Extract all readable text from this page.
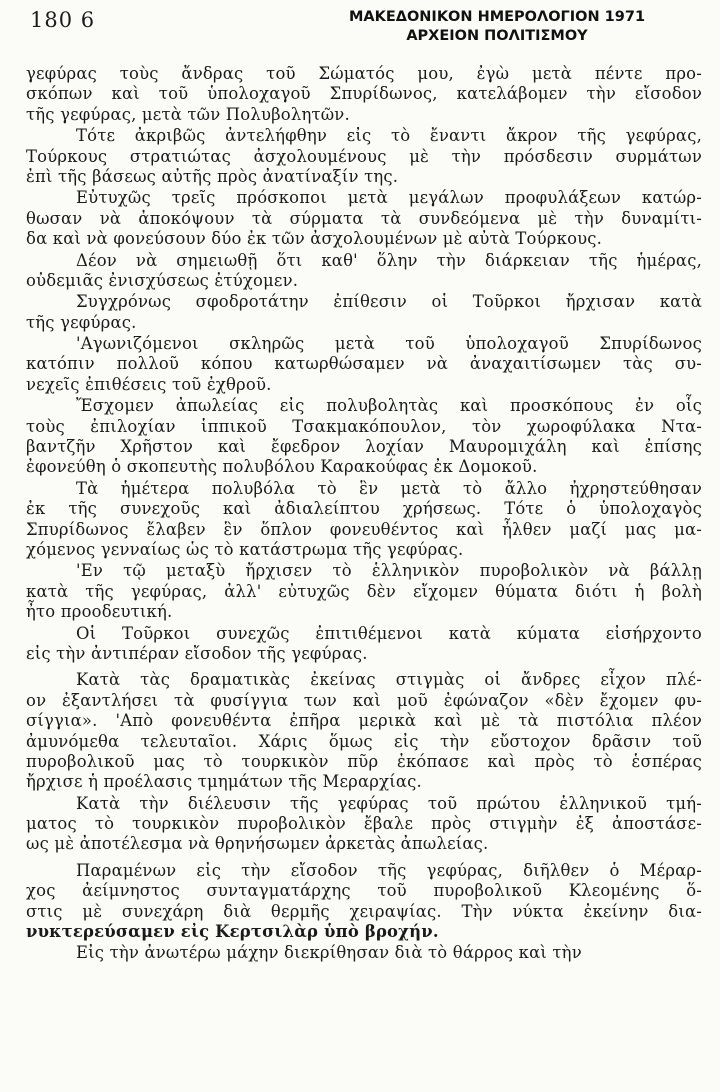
180 6	ΜΑΚΕΔΟΝΙΚΟΝ ΗΜΕΡΟΛΟΓΙΟΝ 1971
ΑΡΧΕΙΟΝ ΠΟΛΙΤΙΣΜΟΥ
γεφύρας τοὺς ἄνδρας τοῦ Σώματός μου, ἐγὼ μετὰ πέντε προ-
σκόπων καὶ τοῦ ὑπολοχαγοῦ Σπυρίδωνος, κατελάβομεν τὴν εἴσοδον
τῆς γεφύρας, μετὰ τῶν Πολυβολητῶν.
Τότε ἀκριβῶς ἀντελήφθην εἰς τὸ ἔναντι ἄκρον τῆς γεφύρας,
Τούρκους στρατιώτας ἀσχολουμένους μὲ τὴν πρόσδεσιν συρμάτων
ἐπὶ τῆς βάσεως αὐτῆς πρὸς ἀνατίναξίν της.
Εὐτυχῶς τρεῖς πρόσκοποι μετὰ μεγάλων προφυλάξεων κατώρ-
θωσαν νὰ ἀποκόψουν τὰ σύρματα τὰ συνδεόμενα μὲ τὴν δυναμίτι-
δα καὶ νὰ φονεύσουν δύο ἐκ τῶν ἀσχολουμένων μὲ αὐτὰ Τούρκους.
Δέον νὰ σημειωθῇ ὅτι καθ' ὅλην τὴν διάρκειαν τῆς ἡμέρας,
οὐδεμιᾶς ἐνισχύσεως ἐτύχομεν.
Συγχρόνως σφοδροτάτην ἐπίθεσιν οἱ Τοῦρκοι ἤρχισαν κατὰ
τῆς γεφύρας.
'Αγωνιζόμενοι σκληρῶς μετὰ τοῦ ὑπολοχαγοῦ Σπυρίδωνος
κατόπιν πολλοῦ κόπου κατωρθώσαμεν νὰ ἀναχαιτίσωμεν τὰς συ-
νεχεῖς ἐπιθέσεις τοῦ ἐχθροῦ.
Ἔσχομεν ἀπωλείας εἰς πολυβολητὰς καὶ προσκόπους ἐν οἷς
τοὺς ἐπιλοχίαν ἱππικοῦ Τσακμακόπουλον, τὸν χωροφύλακα Ντα-
βαντζῆν Χρῆστον καὶ ἔφεδρον λοχίαν Μαυρομιχάλη καὶ ἐπίσης
ἐφονεύθη ὁ σκοπευτὴς πολυβόλου Καρακούφας ἐκ Δομοκοῦ.
Τὰ ἡμέτερα πολυβόλα τὸ ἓν μετὰ τὸ ἄλλο ἠχρηστεύθησαν
ἐκ τῆς συνεχοῦς καὶ ἀδιαλείπτου χρήσεως. Τότε ὁ ὑπολοχαγὸς
Σπυρίδωνος ἔλαβεν ἓν ὅπλον φονευθέντος καὶ ἦλθεν μαζί μας μα-
χόμενος γενναίως ὡς τὸ κατάστρωμα τῆς γεφύρας.
'Εν τῷ μεταξὺ ἤρχισεν τὸ ἑλληνικὸν πυροβολικὸν νὰ βάλλῃ
κατὰ τῆς γεφύρας, ἀλλ' εὐτυχῶς δὲν εἴχομεν θύματα διότι ἡ βολὴ
ἦτο προοδευτική.
Οἱ Τοῦρκοι συνεχῶς ἐπιτιθέμενοι κατὰ κύματα εἰσήρχοντο
εἰς τὴν ἀντιπέραν εἴσοδον τῆς γεφύρας.
Κατὰ τὰς δραματικὰς ἐκείνας στιγμὰς οἱ ἄνδρες εἶχον πλέ-
ον ἐξαντλήσει τὰ φυσίγγια των καὶ μοῦ ἐφώναζον «δὲν ἔχομεν φυ-
σίγγια». 'Απὸ φονευθέντα ἐπῆρα μερικὰ καὶ μὲ τὰ πιστόλια πλέον
ἀμυνόμεθα τελευταῖοι. Χάρις ὅμως εἰς τὴν εὔστοχον δρᾶσιν τοῦ
πυροβολικοῦ μας τὸ τουρκικὸν πῦρ ἐκόπασε καὶ πρὸς τὸ ἑσπέρας
ἤρχισε ἡ προέλασις τμημάτων τῆς Μεραρχίας.
Κατὰ τὴν διέλευσιν τῆς γεφύρας τοῦ πρώτου ἑλληνικοῦ τμή-
ματος τὸ τουρκικὸν πυροβολικὸν ἔβαλε πρὸς στιγμὴν ἐξ ἀποστάσε-
ως μὲ ἀποτέλεσμα νὰ θρηνήσωμεν ἀρκετὰς ἀπωλείας.
Παραμένων εἰς τὴν εἴσοδον τῆς γεφύρας, διῆλθεν ὁ Μέραρ-
χος ἀείμνηστος συνταγματάρχης τοῦ πυροβολικοῦ Κλεομένης ὅ-
στις μὲ συνεχάρη διὰ θερμῆς χειραψίας. Τὴν νύκτα ἐκείνην δια-
νυκτερεύσαμεν εἰς Κερτσιλὰρ ὑπὸ βροχήν.
Εἰς τὴν ἀνωτέρω μάχην διεκρίθησαν διὰ τὸ θάρρος καὶ τὴν
